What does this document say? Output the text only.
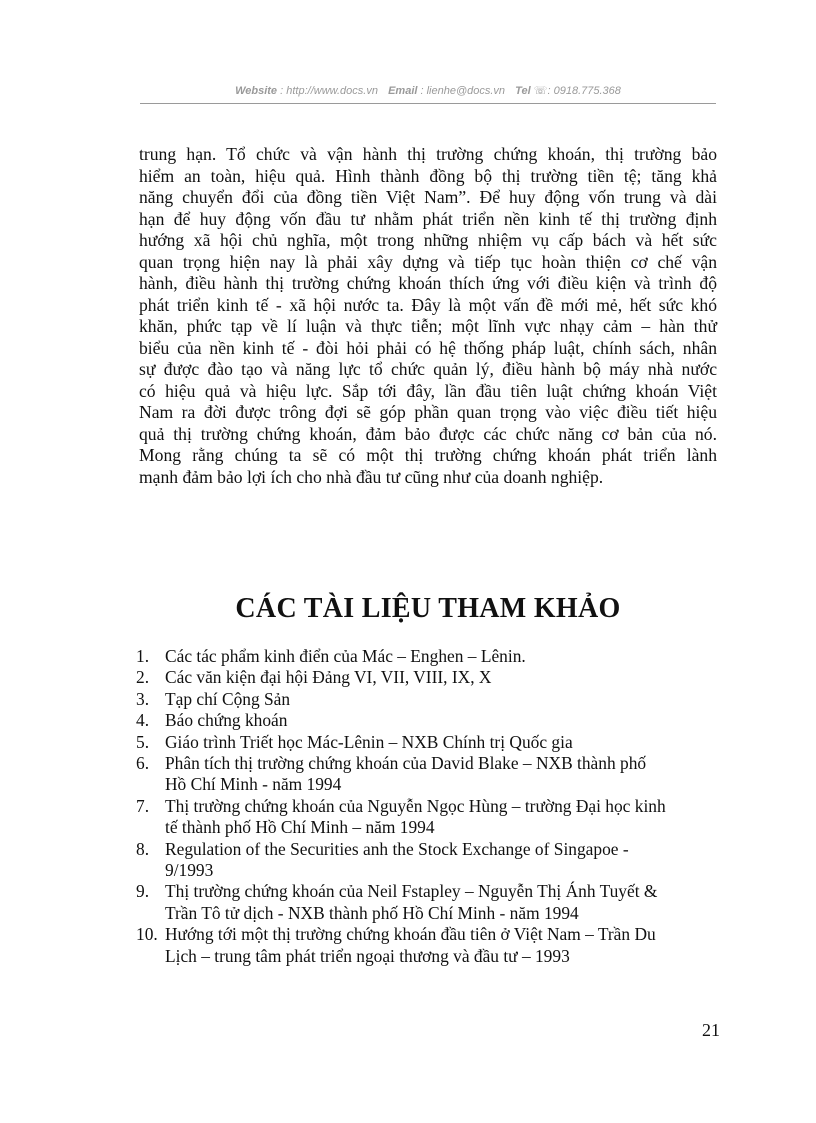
Website : http://www.docs.vn Email : lienhe@docs.vn Tel ☏: 0918.775.368
trung hạn. Tổ chức và vận hành thị trường chứng khoán, thị trường bảo
hiểm an toàn, hiệu quả. Hình thành đồng bộ thị trường tiền tệ; tăng khả
năng chuyển đổi của đồng tiền Việt Nam”. Để huy động vốn trung và dài
hạn để huy động vốn đầu tư nhằm phát triển nền kinh tế thị trường định
hướng xã hội chủ nghĩa, một trong những nhiệm vụ cấp bách và hết sức
quan trọng hiện nay là phải xây dựng và tiếp tục hoàn thiện cơ chế vận
hành, điều hành thị trường chứng khoán thích ứng với điều kiện và trình độ
phát triển kinh tế - xã hội nước ta. Đây là một vấn đề mới mẻ, hết sức khó
khăn, phức tạp về lí luận và thực tiễn; một lĩnh vực nhạy cảm – hàn thử
biểu của nền kinh tế - đòi hỏi phải có hệ thống pháp luật, chính sách, nhân
sự được đào tạo và năng lực tổ chức quản lý, điều hành bộ máy nhà nước
có hiệu quả và hiệu lực. Sắp tới đây, lần đầu tiên luật chứng khoán Việt
Nam ra đời được trông đợi sẽ góp phần quan trọng vào việc điều tiết hiệu
quả thị trường chứng khoán, đảm bảo được các chức năng cơ bản của nó.
Mong rằng chúng ta sẽ có một thị trường chứng khoán phát triển lành
mạnh đảm bảo lợi ích cho nhà đầu tư cũng như của doanh nghiệp.
CÁC TÀI LIỆU THAM KHẢO
1. Các tác phẩm kinh điển của Mác – Enghen – Lênin.
2. Các văn kiện đại hội Đảng VI, VII, VIII, IX, X
3. Tạp chí Cộng Sản
4. Báo chứng khoán
5. Giáo trình Triết học Mác-Lênin – NXB Chính trị Quốc gia
6. Phân tích thị trường chứng khoán của David Blake – NXB thành phố
Hồ Chí Minh - năm 1994
7. Thị trường chứng khoán của Nguyễn Ngọc Hùng – trường Đại học kinh
tế thành phố Hồ Chí Minh – năm 1994
8. Regulation of the Securities anh the Stock Exchange of Singapoe -
9/1993
9. Thị trường chứng khoán của Neil Fstapley – Nguyễn Thị Ánh Tuyết &
Trần Tô tử dịch - NXB thành phố Hồ Chí Minh - năm 1994
10. Hướng tới một thị trường chứng khoán đầu tiên ở Việt Nam – Trần Du
Lịch – trung tâm phát triển ngoại thương và đầu tư – 1993
21
